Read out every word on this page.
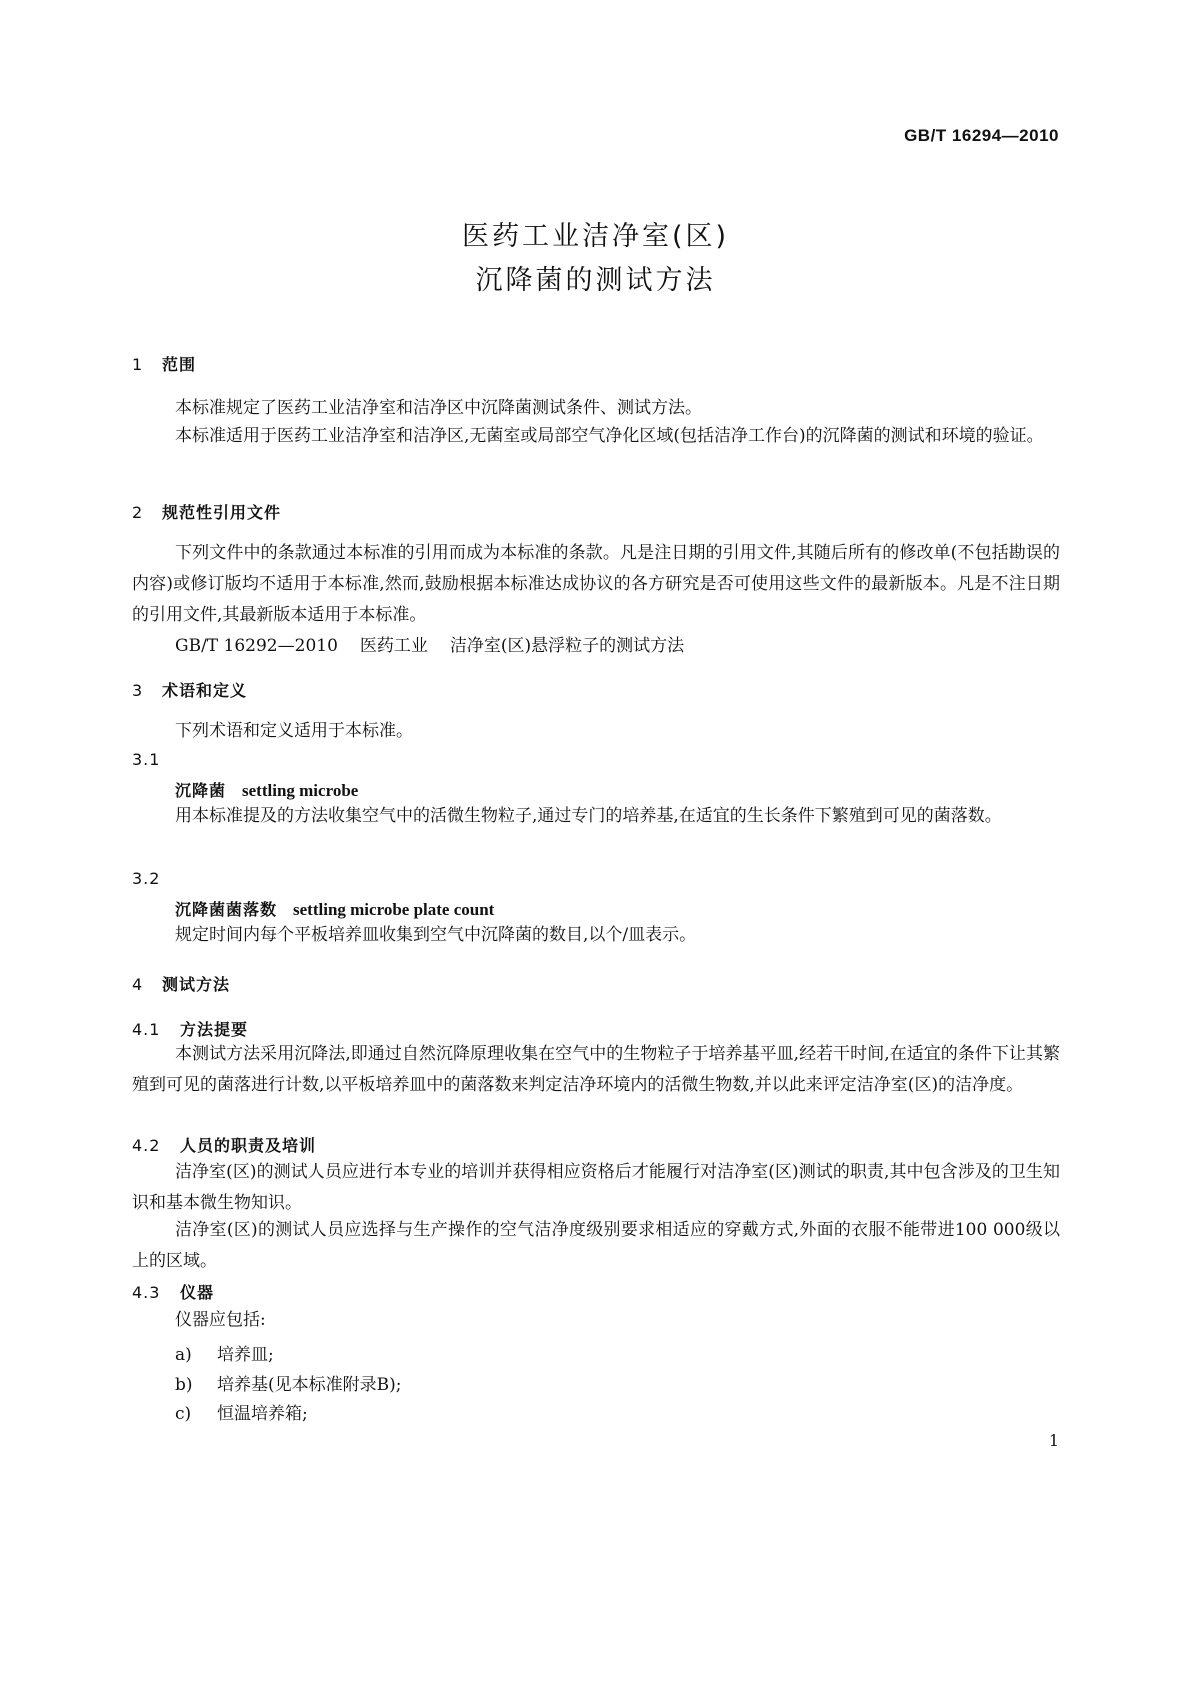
GB/T 16294—2010
医药工业洁净室(区)
沉降菌的测试方法
1 范围
本标准规定了医药工业洁净室和洁净区中沉降菌测试条件、测试方法。
本标准适用于医药工业洁净室和洁净区,无菌室或局部空气净化区域(包括洁净工作台)的沉降菌的测试和环境的验证。
2 规范性引用文件
下列文件中的条款通过本标准的引用而成为本标准的条款。凡是注日期的引用文件,其随后所有的修改单(不包括勘误的内容)或修订版均不适用于本标准,然而,鼓励根据本标准达成协议的各方研究是否可使用这些文件的最新版本。凡是不注日期的引用文件,其最新版本适用于本标准。
GB/T 16292—2010 医药工业 洁净室(区)悬浮粒子的测试方法
3 术语和定义
下列术语和定义适用于本标准。
3.1
沉降菌 settling microbe
用本标准提及的方法收集空气中的活微生物粒子,通过专门的培养基,在适宜的生长条件下繁殖到可见的菌落数。
3.2
沉降菌菌落数 settling microbe plate count
规定时间内每个平板培养皿收集到空气中沉降菌的数目,以个/皿表示。
4 测试方法
4.1 方法提要
本测试方法采用沉降法,即通过自然沉降原理收集在空气中的生物粒子于培养基平皿,经若干时间,在适宜的条件下让其繁殖到可见的菌落进行计数,以平板培养皿中的菌落数来判定洁净环境内的活微生物数,并以此来评定洁净室(区)的洁净度。
4.2 人员的职责及培训
洁净室(区)的测试人员应进行本专业的培训并获得相应资格后才能履行对洁净室(区)测试的职责,其中包含涉及的卫生知识和基本微生物知识。
洁净室(区)的测试人员应选择与生产操作的空气洁净度级别要求相适应的穿戴方式,外面的衣服不能带进100 000级以上的区域。
4.3 仪器
仪器应包括:
a) 培养皿;
b) 培养基(见本标准附录B);
c) 恒温培养箱;
1
